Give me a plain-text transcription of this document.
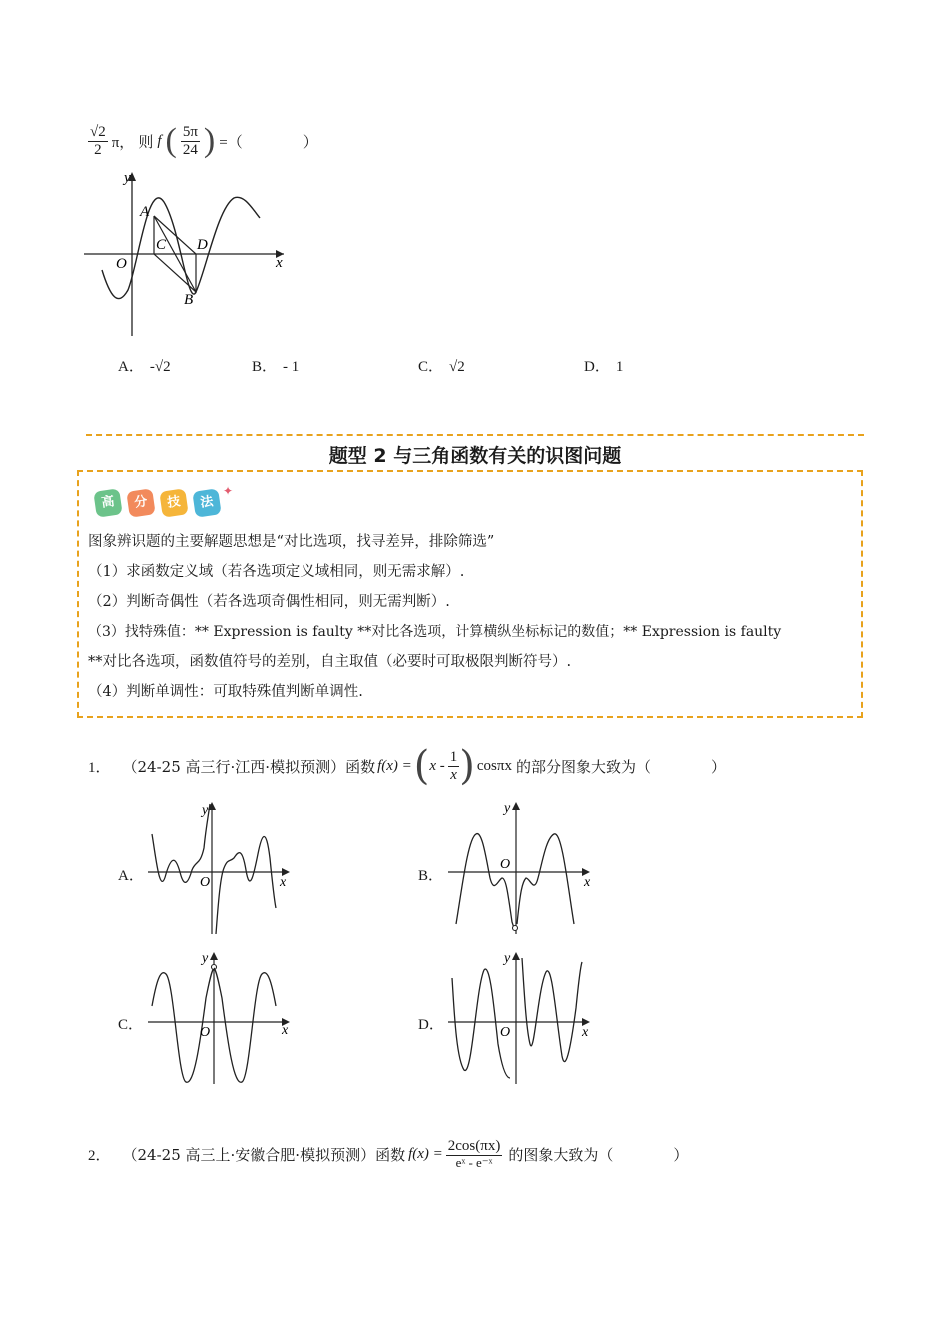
$\frac{√2}{2}$ π， 则 f ( $\frac{5\pi}{24}$ ) =（　　　　）
y
x
O
A
B
C D
A． -√2	B． - 1	C． √2	D． 1
题型 2 与三角函数有关的识图问题
高	分	技	法
✦
图象辨识题的主要解题思想是“对比选项，找寻差异，排除筛选”
（1）求函数定义域（若各选项定义域相同，则无需求解）.
（2）判断奇偶性（若各选项奇偶性相同，则无需判断）.
（3）找特殊值：** Expression is faulty **对比各选项，计算横纵坐标标记的数值；** Expression is faulty
**对比各选项，函数值符号的差别，自主取值（必要时可取极限判断符号）.
（4）判断单调性：可取特殊值判断单调性.
1． （24-25 高三行·江西·模拟预测）函数 f(x) = ( x - $\frac{1}{x}$ ) cosπx 的部分图象大致为（　　　　）
A．
y
x
O	B．
y
x
O
C．
y
x
O	D．
y
x
O
2． （24-25 高三上·安徽合肥·模拟预测）函数 $f(x) = \frac{2\cos(\pi x)}{\text{eˣ - e⁻ˣ}}$ 的图象大致为（　　　　）
